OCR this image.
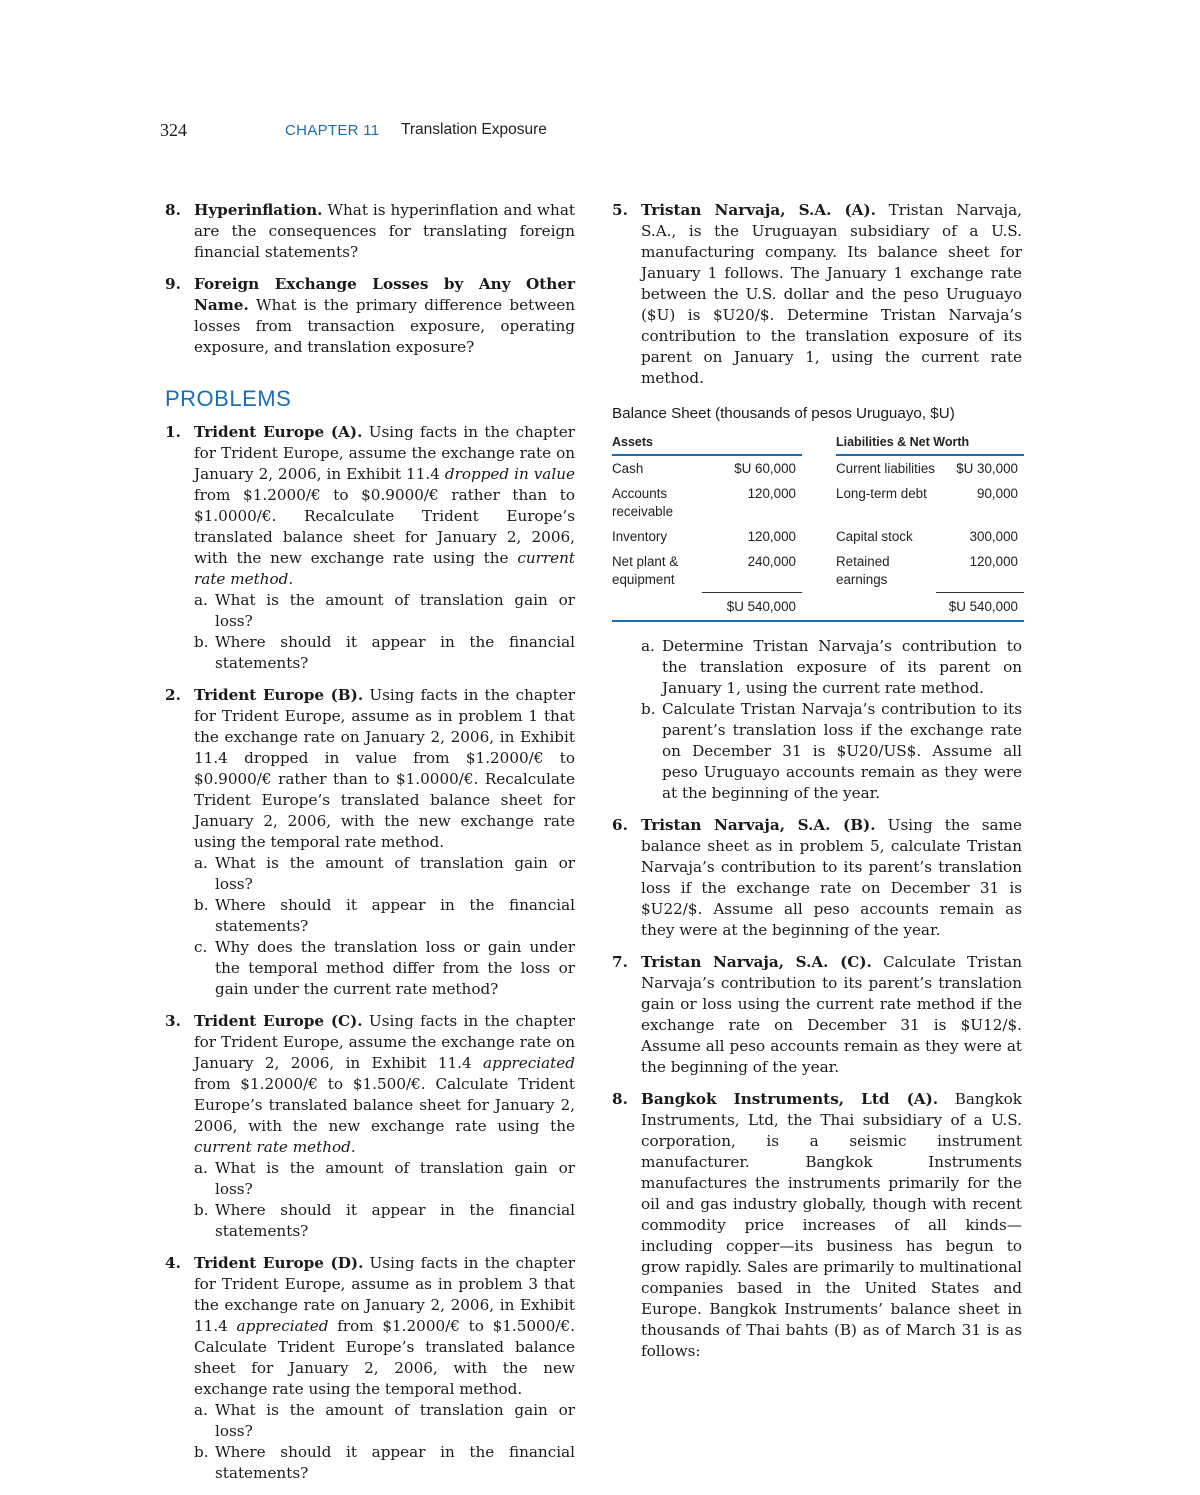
324	CHAPTER 11 Translation Exposure
8. Hyperinflation. What is hyperinflation and what are the consequences for translating foreign financial statements?
9. Foreign Exchange Losses by Any Other Name. What is the primary difference between losses from transaction exposure, operating exposure, and translation exposure?
PROBLEMS
1. Trident Europe (A). Using facts in the chapter for Trident Europe, assume the exchange rate on January 2, 2006, in Exhibit 11.4 dropped in value from $1.2000/€ to $0.9000/€ rather than to $1.0000/€. Recalculate Trident Europe’s translated balance sheet for January 2, 2006, with the new exchange rate using the current rate method.
a. What is the amount of translation gain or loss?
b. Where should it appear in the financial statements?
2. Trident Europe (B). Using facts in the chapter for Trident Europe, assume as in problem 1 that the exchange rate on January 2, 2006, in Exhibit 11.4 dropped in value from $1.2000/€ to $0.9000/€ rather than to $1.0000/€. Recalculate Trident Europe’s translated balance sheet for January 2, 2006, with the new exchange rate using the temporal rate method.
a. What is the amount of translation gain or loss?
b. Where should it appear in the financial statements?
c. Why does the translation loss or gain under the temporal method differ from the loss or gain under the current rate method?
3. Trident Europe (C). Using facts in the chapter for Trident Europe, assume the exchange rate on January 2, 2006, in Exhibit 11.4 appreciated from $1.2000/€ to $1.500/€. Calculate Trident Europe’s translated balance sheet for January 2, 2006, with the new exchange rate using the current rate method.
a. What is the amount of translation gain or loss?
b. Where should it appear in the financial statements?
4. Trident Europe (D). Using facts in the chapter for Trident Europe, assume as in problem 3 that the exchange rate on January 2, 2006, in Exhibit 11.4 appreciated from $1.2000/€ to $1.5000/€. Calculate Trident Europe’s translated balance sheet for January 2, 2006, with the new exchange rate using the temporal method.
a. What is the amount of translation gain or loss?
b. Where should it appear in the financial statements?
5. Tristan Narvaja, S.A. (A). Tristan Narvaja, S.A., is the Uruguayan subsidiary of a U.S. manufacturing company. Its balance sheet for January 1 follows. The January 1 exchange rate between the U.S. dollar and the peso Uruguayo ($U) is $U20/$. Determine Tristan Narvaja’s contribution to the translation exposure of its parent on January 1, using the current rate method.
Balance Sheet (thousands of pesos Uruguayo, $U)
Assets			Liabilities & Net Worth	
Cash	$U 60,000		Current liabilities	$U 30,000
Accounts receivable	120,000		Long-term debt	90,000
Inventory	120,000		Capital stock	300,000
Net plant & equipment	240,000		Retained earnings	120,000
	$U 540,000			$U 540,000
a. Determine Tristan Narvaja’s contribution to the translation exposure of its parent on January 1, using the current rate method.
b. Calculate Tristan Narvaja’s contribution to its parent’s translation loss if the exchange rate on December 31 is $U20/US$. Assume all peso Uruguayo accounts remain as they were at the beginning of the year.
6. Tristan Narvaja, S.A. (B). Using the same balance sheet as in problem 5, calculate Tristan Narvaja’s contribution to its parent’s translation loss if the exchange rate on December 31 is $U22/$. Assume all peso accounts remain as they were at the beginning of the year.
7. Tristan Narvaja, S.A. (C). Calculate Tristan Narvaja’s contribution to its parent’s translation gain or loss using the current rate method if the exchange rate on December 31 is $U12/$. Assume all peso accounts remain as they were at the beginning of the year.
8. Bangkok Instruments, Ltd (A). Bangkok Instruments, Ltd, the Thai subsidiary of a U.S. corporation, is a seismic instrument manufacturer. Bangkok Instruments manufactures the instruments primarily for the oil and gas industry globally, though with recent commodity price increases of all kinds—including copper—its business has begun to grow rapidly. Sales are primarily to multinational companies based in the United States and Europe. Bangkok Instruments’ balance sheet in thousands of Thai bahts (B) as of March 31 is as follows:
